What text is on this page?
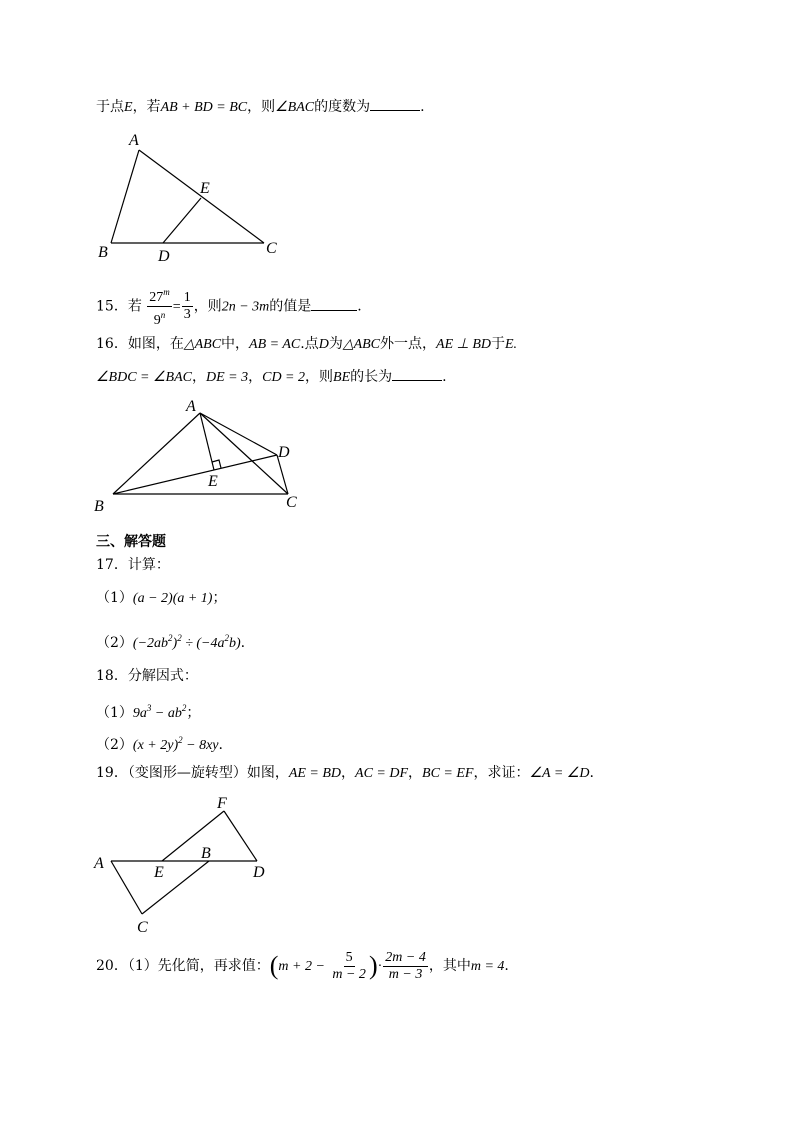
于点E，若AB + BD = BC，则∠BAC的度数为	.
A
B	C
D
E
15．若 $\frac{27^m}{9^n} = \frac{1}{3}$ ，则2n − 3m的值是	.
16．如图，在△ABC中，AB = AC.点D为△ABC外一点，AE ⊥ BD于E.
∠BDC = ∠BAC，DE = 3，CD = 2，则BE的长为	.
A
B	C
D
E
三、解答题
17．计算：
（1）(a − 2)(a + 1)；
$(2)(-2ab^2)^2 \div (-4a^2b)$.
18．分解因式：
$(1)9a^3 - ab^2$；
$(2)(x + 2y)^2 - 8xy$.
19．（变图形—旋转型）如图，AE = BD，AC = DF，BC = EF，求证：∠A = ∠D.
A
B
C
D
E
F
20．（1）先化简，再求值：($m + 2 - \frac{5}{m - 2}$ )· $\frac{2m - 4}{m - 3}$ ，其中m = 4.
